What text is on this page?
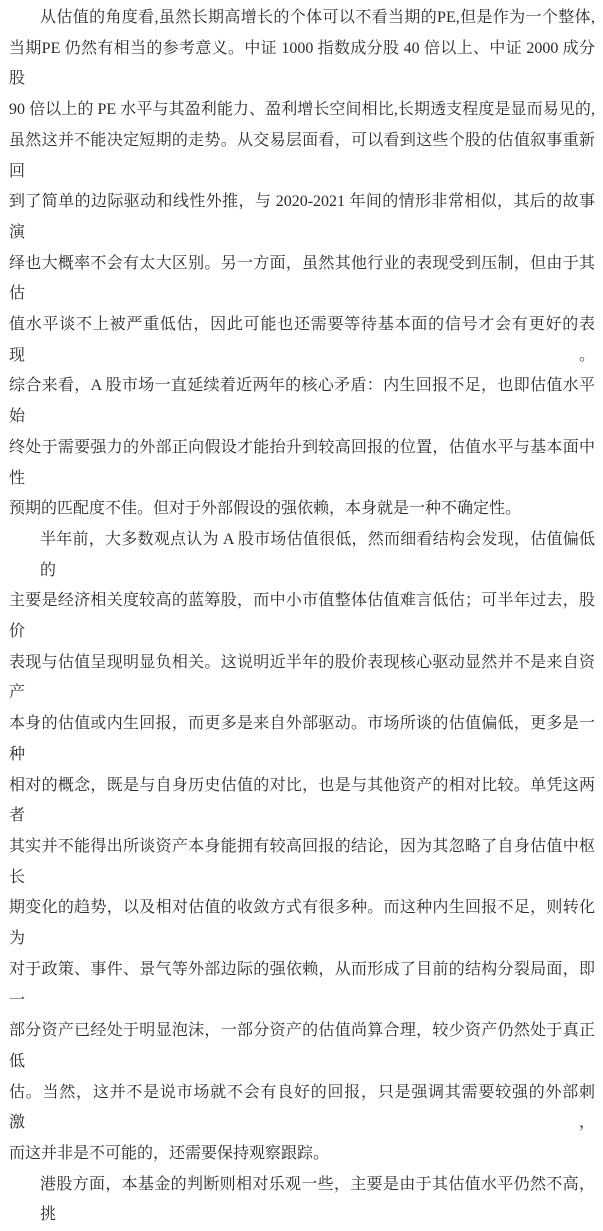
从估值的角度看,虽然长期高增长的个体可以不看当期的PE,但是作为一个整体,
当期PE 仍然有相当的参考意义。中证 1000 指数成分股 40 倍以上、中证 2000 成分股
90 倍以上的 PE 水平与其盈利能力、盈利增长空间相比,长期透支程度是显而易见的,
虽然这并不能决定短期的走势。从交易层面看，可以看到这些个股的估值叙事重新回
到了简单的边际驱动和线性外推，与 2020-2021 年间的情形非常相似，其后的故事演
绎也大概率不会有太大区别。另一方面，虽然其他行业的表现受到压制，但由于其估
值水平谈不上被严重低估，因此可能也还需要等待基本面的信号才会有更好的表现。
综合来看，A 股市场一直延续着近两年的核心矛盾：内生回报不足，也即估值水平始
终处于需要强力的外部正向假设才能抬升到较高回报的位置，估值水平与基本面中性
预期的匹配度不佳。但对于外部假设的强依赖，本身就是一种不确定性。
半年前，大多数观点认为 A 股市场估值很低，然而细看结构会发现，估值偏低的
主要是经济相关度较高的蓝筹股，而中小市值整体估值难言低估；可半年过去，股价
表现与估值呈现明显负相关。这说明近半年的股价表现核心驱动显然并不是来自资产
本身的估值或内生回报，而更多是来自外部驱动。市场所谈的估值偏低，更多是一种
相对的概念，既是与自身历史估值的对比，也是与其他资产的相对比较。单凭这两者
其实并不能得出所谈资产本身能拥有较高回报的结论，因为其忽略了自身估值中枢长
期变化的趋势，以及相对估值的收敛方式有很多种。而这种内生回报不足，则转化为
对于政策、事件、景气等外部边际的强依赖，从而形成了目前的结构分裂局面，即一
部分资产已经处于明显泡沫，一部分资产的估值尚算合理，较少资产仍然处于真正低
估。当然，这并不是说市场就不会有良好的回报，只是强调其需要较强的外部刺激，
而这并非是不可能的，还需要保持观察跟踪。
港股方面，本基金的判断则相对乐观一些，主要是由于其估值水平仍然不高，挑
